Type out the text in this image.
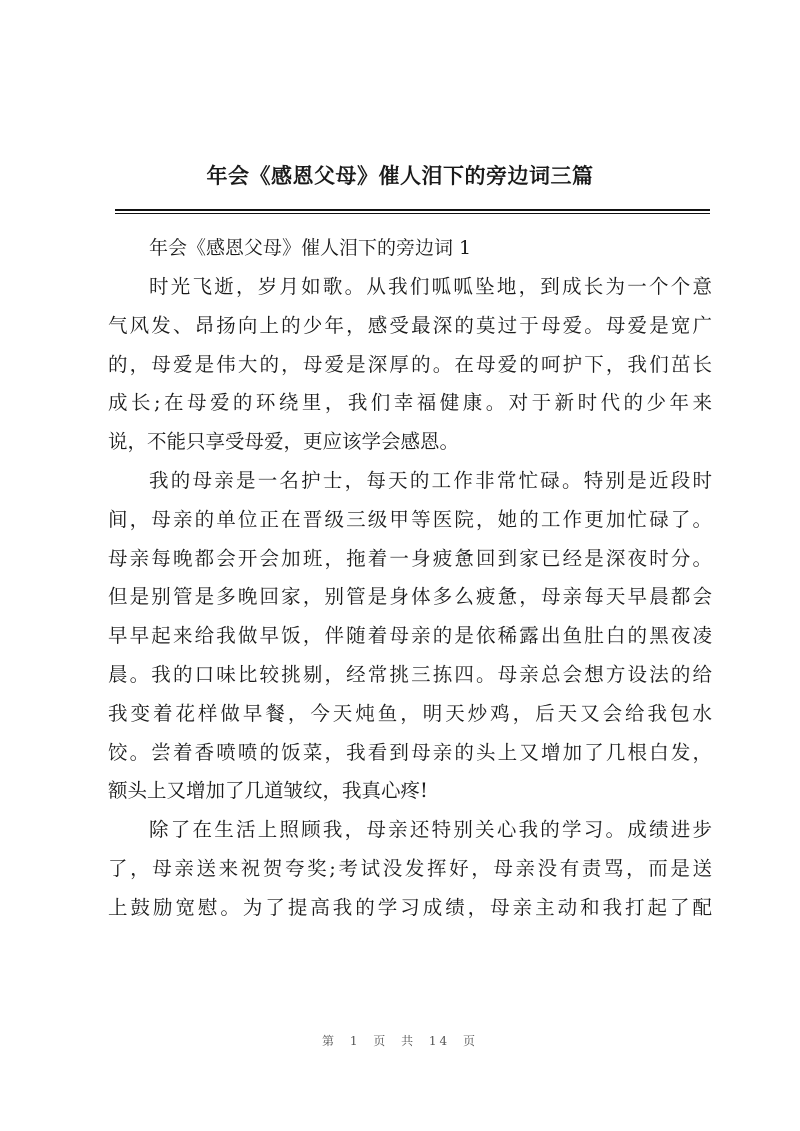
年会《感恩父母》催人泪下的旁边词三篇

年会《感恩父母》催人泪下的旁边词 1

时光飞逝，岁月如歌。从我们呱呱坠地，到成长为一个个意

气风发、昂扬向上的少年，感受最深的莫过于母爱。母爱是宽广

的，母爱是伟大的，母爱是深厚的。在母爱的呵护下，我们茁长

成长;在母爱的环绕里，我们幸福健康。对于新时代的少年来

说，不能只享受母爱，更应该学会感恩。

我的母亲是一名护士，每天的工作非常忙碌。特别是近段时

间，母亲的单位正在晋级三级甲等医院，她的工作更加忙碌了。

母亲每晚都会开会加班，拖着一身疲惫回到家已经是深夜时分。

但是别管是多晚回家，别管是身体多么疲惫，母亲每天早晨都会

早早起来给我做早饭，伴随着母亲的是依稀露出鱼肚白的黑夜凌

晨。我的口味比较挑剔，经常挑三拣四。母亲总会想方设法的给

我变着花样做早餐，今天炖鱼，明天炒鸡，后天又会给我包水

饺。尝着香喷喷的饭菜，我看到母亲的头上又增加了几根白发，

额头上又增加了几道皱纹，我真心疼!

除了在生活上照顾我，母亲还特别关心我的学习。成绩进步

了，母亲送来祝贺夸奖;考试没发挥好，母亲没有责骂，而是送

上鼓励宽慰。为了提高我的学习成绩，母亲主动和我打起了配

第 1 页 共 14 页
